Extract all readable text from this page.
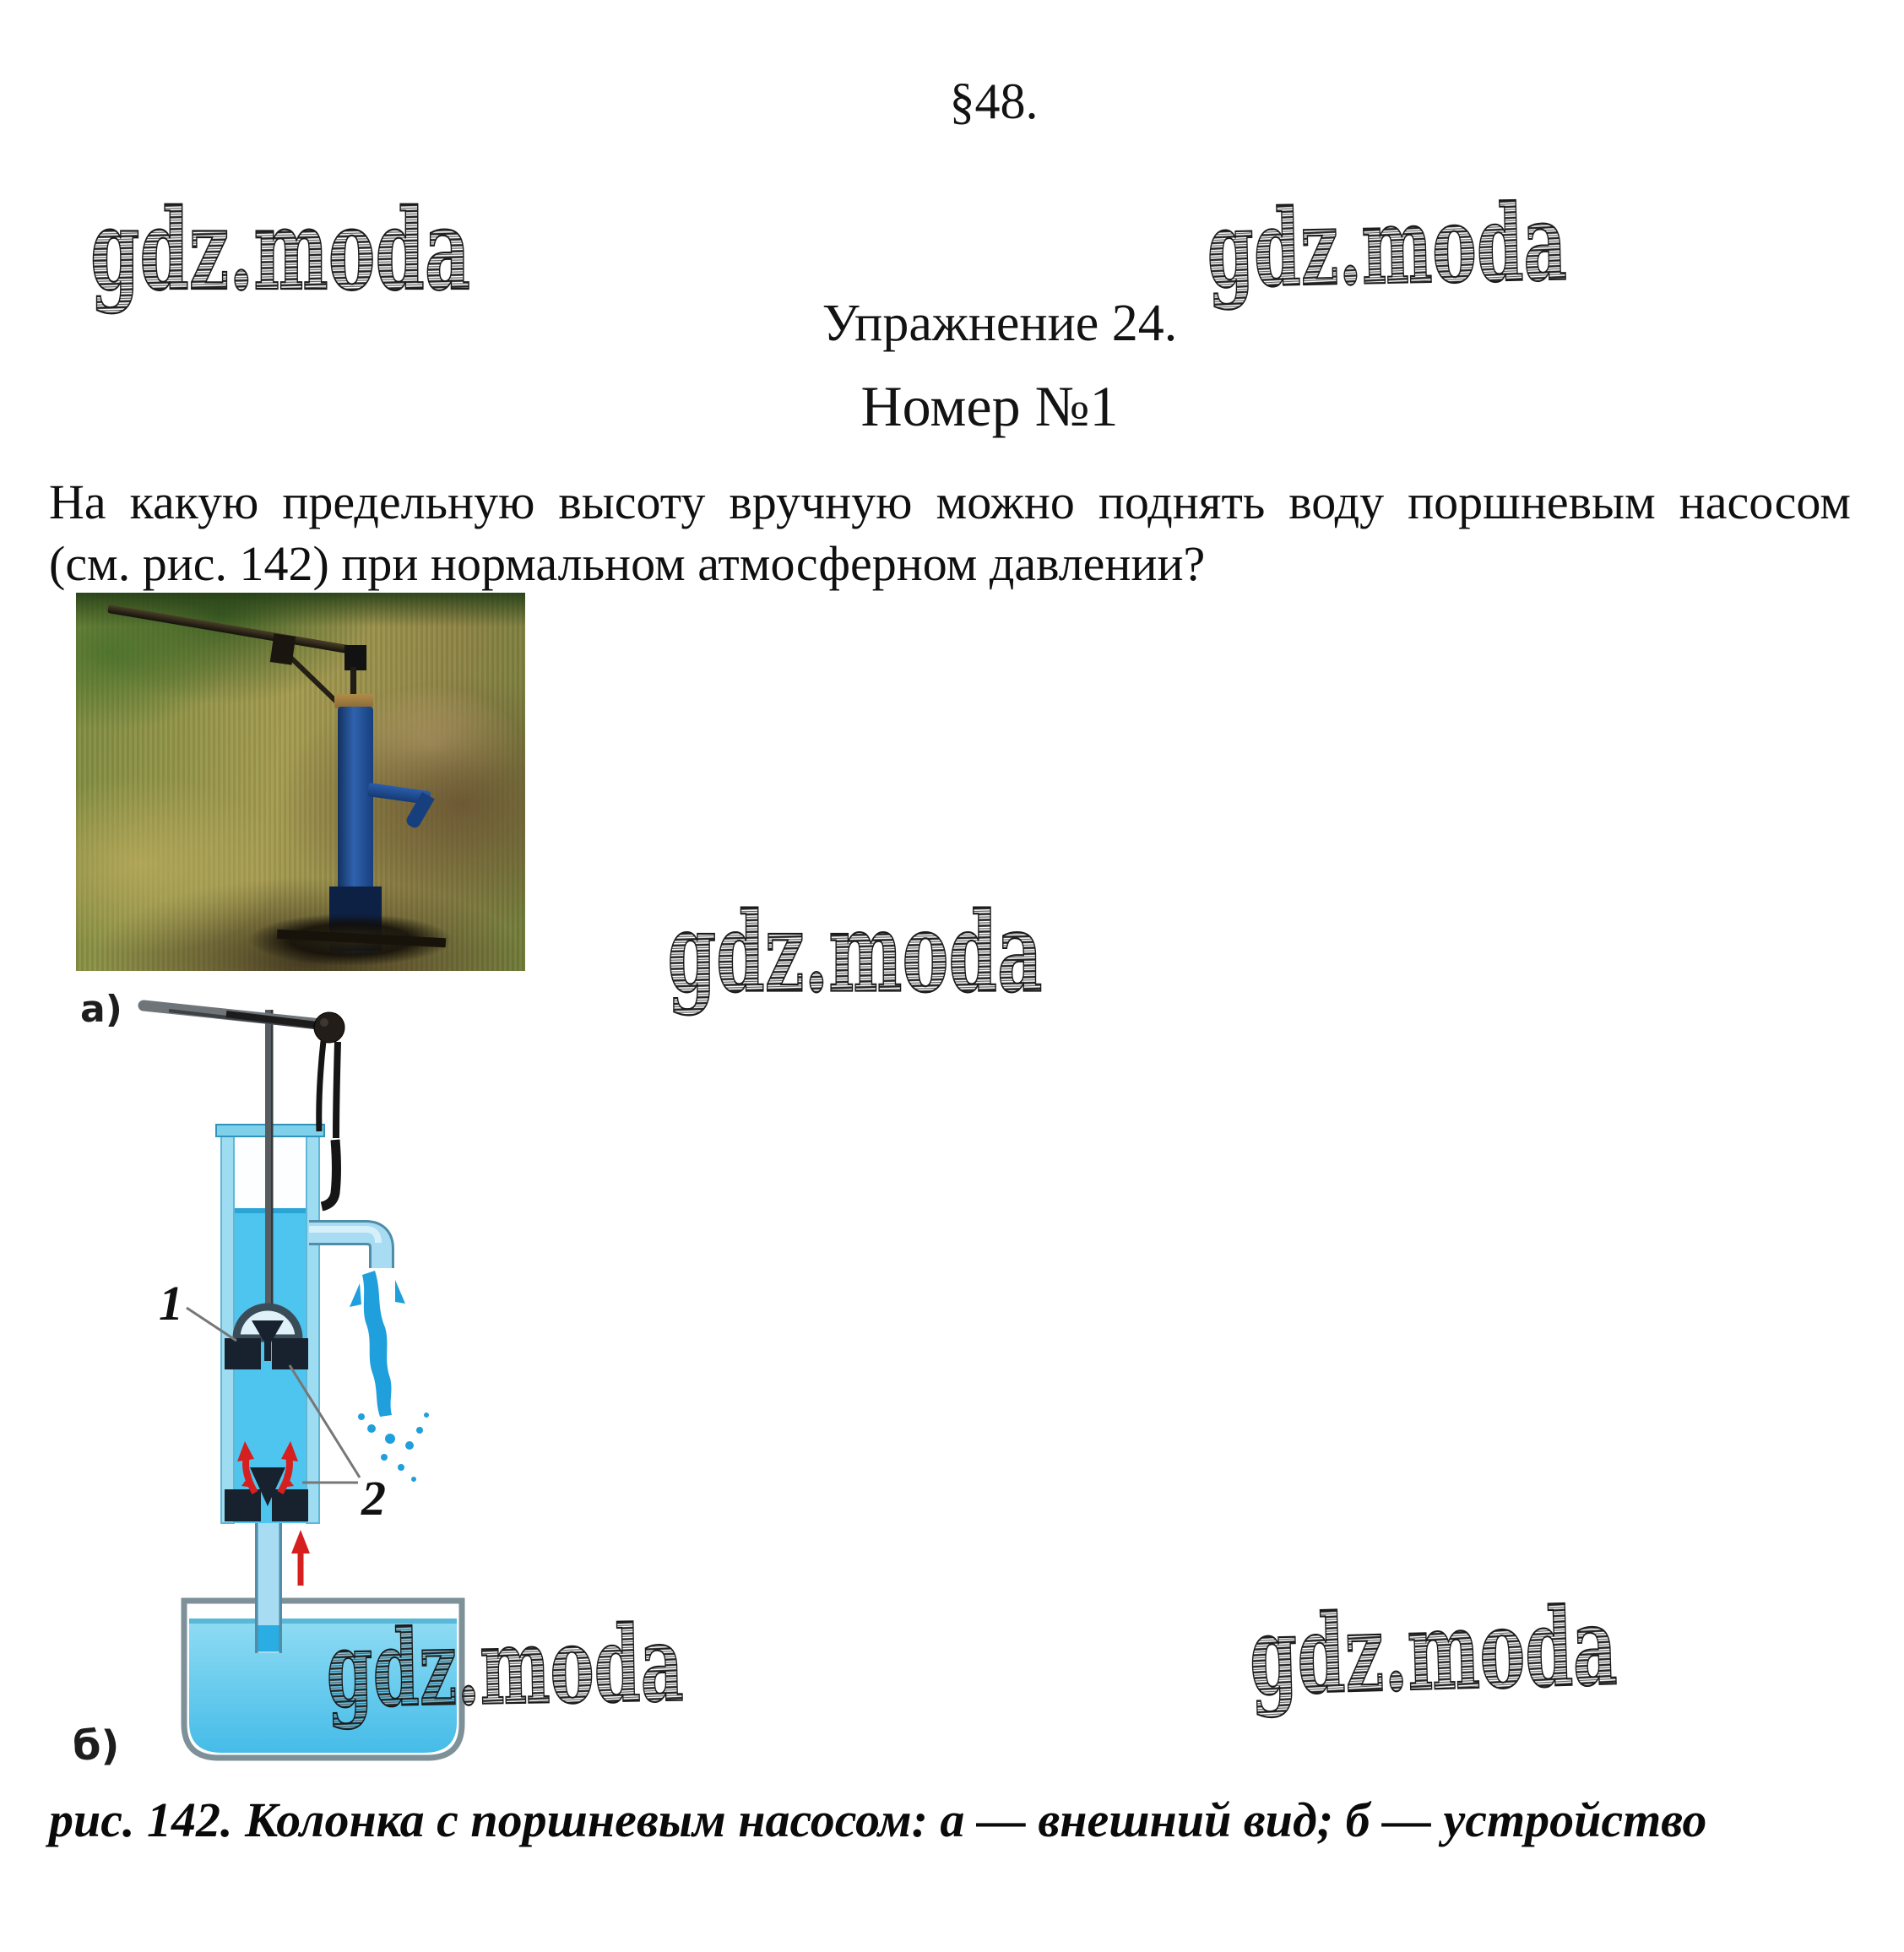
§48.
Упражнение 24.
Номер №1
gdz.moda	gdz.moda
gdz.moda
gdz.moda	gdz.moda
На какую предельную высоту вручную можно поднять воду поршневым насосом
(см. рис. 142) при нормальном атмосферном давлении?
а)
1
2
б)
рис. 142. Колонка с поршневым насосом: а — внешний вид; б — устройство
